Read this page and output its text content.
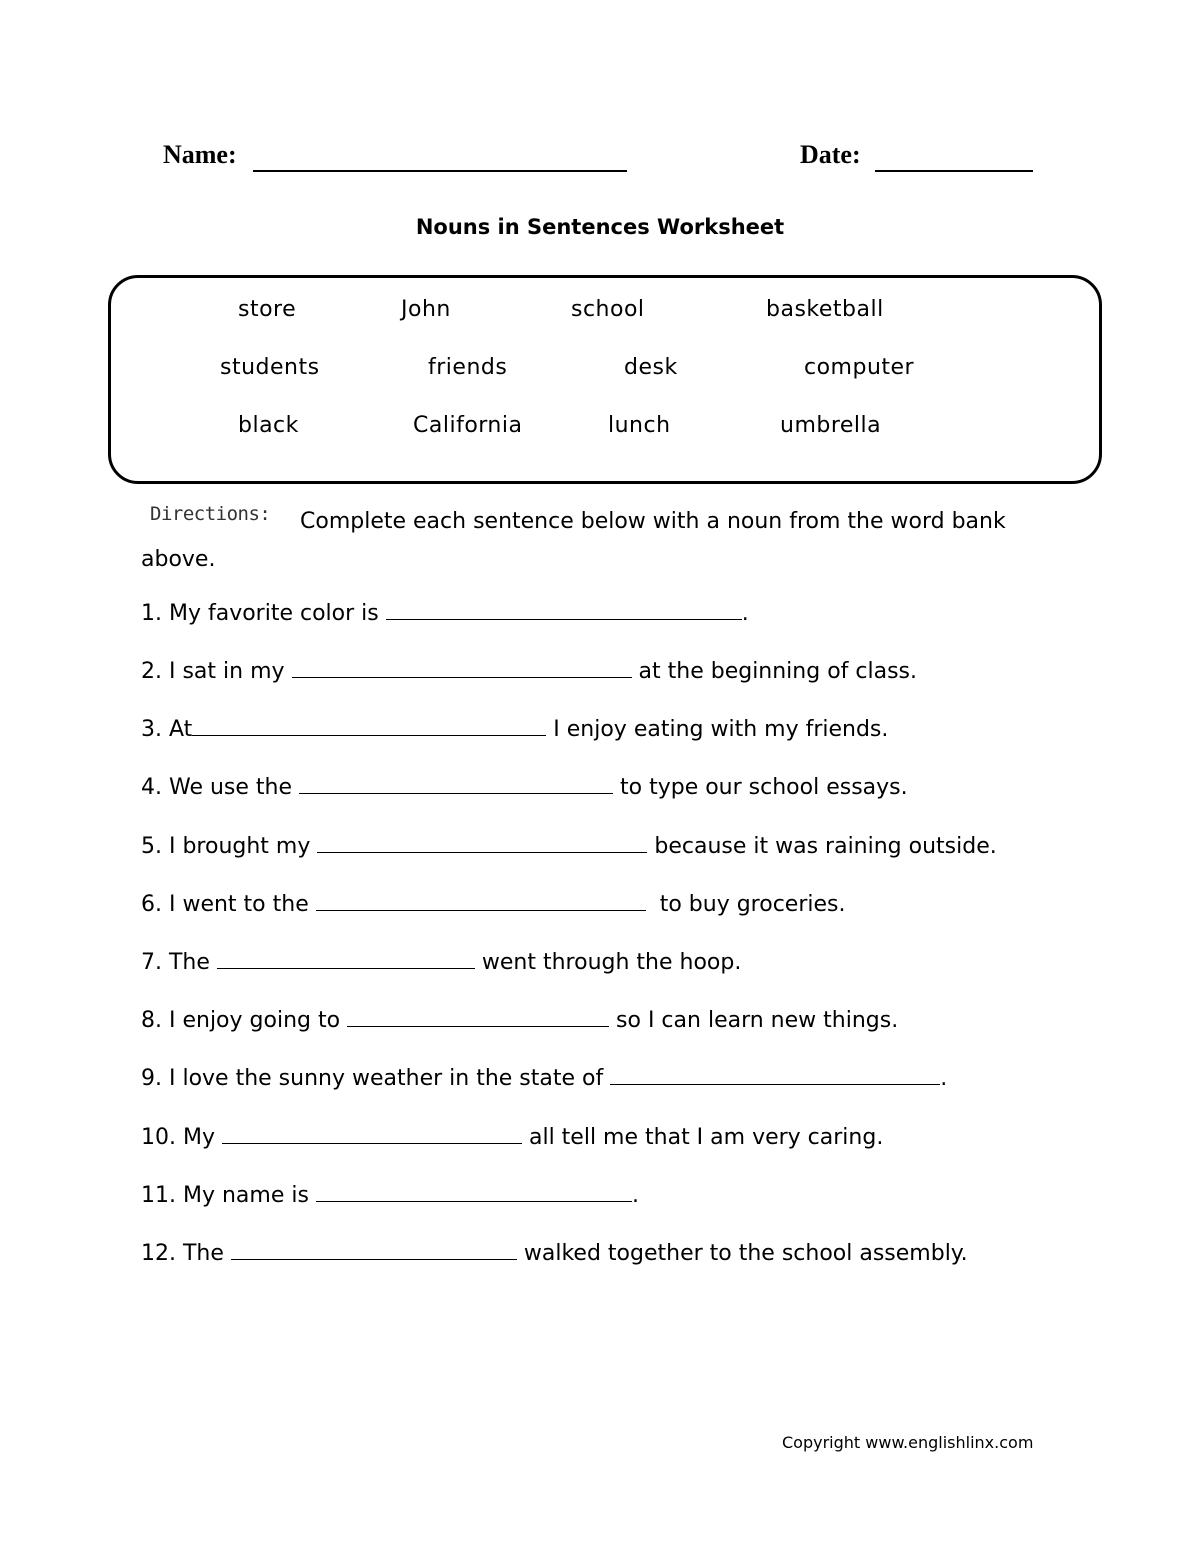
Name:	Date:
Nouns in Sentences Worksheet
store	John	school	basketball
students	friends	desk	computer
black	California	lunch	umbrella
Directions:	Complete each sentence below with a noun from the word bank above.
1. My favorite color is	.
2. I sat in my	at the beginning of class.
3. At	I enjoy eating with my friends.
4. We use the	to type our school essays.
5. I brought my	because it was raining outside.
6. I went to the	to buy groceries.
7. The	went through the hoop.
8. I enjoy going to	so I can learn new things.
9. I love the sunny weather in the state of	.
10. My	all tell me that I am very caring.
11. My name is	.
12. The	walked together to the school assembly.
Copyright www.englishlinx.com
